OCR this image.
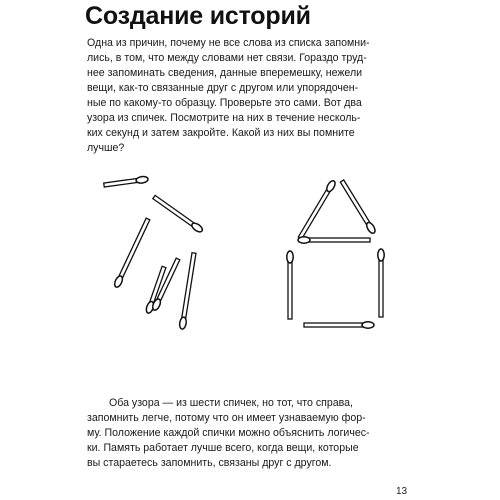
Создание историй
Одна из причин, почему не все слова из списка запомни-
лись, в том, что между словами нет связи. Гораздо труд-
нее запоминать сведения, данные вперемешку, нежели
вещи, как-то связанные друг с другом или упорядочен-
ные по какому-то образцу. Проверьте это сами. Вот два
узора из спичек. Посмотрите на них в течение несколь-
ких секунд и затем закройте. Какой из них вы помните
лучше?
Оба узора — из шести спичек, но тот, что справа,
запомнить легче, потому что он имеет узнаваемую фор-
му. Положение каждой спички можно объяснить логичес-
ки. Память работает лучше всего, когда вещи, которые
вы стараетесь запомнить, связаны друг с другом.
13
